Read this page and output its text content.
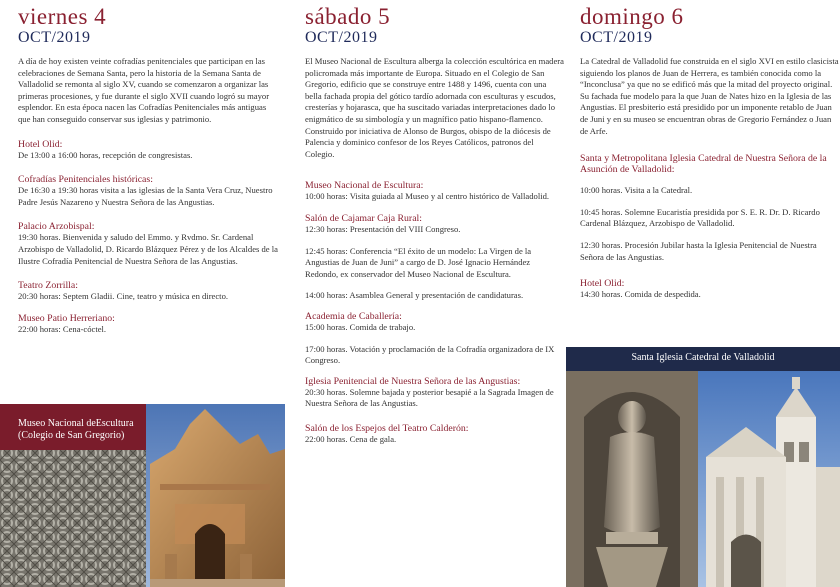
viernes 4
OCT/2019
A día de hoy existen veinte cofradías penitenciales que participan en las celebraciones de Semana Santa, pero la historia de la Semana Santa de Valladolid se remonta al siglo XV, cuando se comenzaron a organizar las primeras procesiones, y fue durante el siglo XVII cuando logró su mayor esplendor. En esta época nacen las Cofradías Penitenciales más antiguas que han conseguido conservar sus iglesias y patrimonio.
Hotel Olid:
De 13:00 a 16:00 horas, recepción de congresistas.
Cofradías Penitenciales históricas:
De 16:30 a 19:30 horas visita a las iglesias de la Santa Vera Cruz, Nuestro Padre Jesús Nazareno y Nuestra Señora de las Angustias.
Palacio Arzobispal:
19:30 horas. Bienvenida y saludo del Emmo. y Rvdmo. Sr. Cardenal Arzobispo de Valladolid, D. Ricardo Blázquez Pérez y de los Alcaldes de la Ilustre Cofradía Penitencial de Nuestra Señora de las Angustias.
Teatro Zorrilla:
20:30 horas: Septem Gladii. Cine, teatro y música en directo.
Museo Patio Herreriano:
22:00 horas: Cena-cóctel.
Museo Nacional deEscultura
(Colegio de San Gregorio)
sábado 5
OCT/2019
El Museo Nacional de Escultura alberga la colección escultórica en madera policromada más importante de Europa. Situado en el Colegio de San Gregorio, edificio que se construye entre 1488 y 1496, cuenta con una bella fachada propia del gótico tardío adornada con esculturas y escudos, cresterías y hojarasca, que ha suscitado variadas interpretaciones dado lo enigmático de su simbología y un magnífico patio hispano-flamenco. Construido por iniciativa de Alonso de Burgos, obispo de la diócesis de Palencia y dominico confesor de los Reyes Católicos, patronos del Colegio.
Museo Nacional de Escultura:
10:00 horas: Visita guiada al Museo y al centro histórico de Valladolid.
Salón de Cajamar Caja Rural:
12:30 horas: Presentación del VIII Congreso.
12:45 horas: Conferencia “El éxito de un modelo: La Virgen de la Angustias de Juan de Juni” a cargo de D. José Ignacio Hernández Redondo, ex conservador del Museo Nacional de Escultura.
14:00 horas: Asamblea General y presentación de candidaturas.
Academia de Caballería:
15:00 horas. Comida de trabajo.
17:00 horas. Votación y proclamación de la Cofradía organizadora de IX Congreso.
Iglesia Penitencial de Nuestra Señora de las Angustias:
20:30 horas. Solemne bajada y posterior besapié a la Sagrada Imagen de Nuestra Señora de las Angustias.
Salón de los Espejos del Teatro Calderón:
22:00 horas. Cena de gala.
domingo 6
OCT/2019
La Catedral de Valladolid fue construida en el siglo XVI en estilo clasicista siguiendo los planos de Juan de Herrera, es también conocida como la “Inconclusa” ya que no se edificó más que la mitad del proyecto original. Su fachada fue modelo para la que Juan de Nates hizo en la Iglesia de las Angustias. El presbiterio está presidido por un imponente retablo de Juan de Juni y en su museo se encuentran obras de Gregorio Fernández o Juan de Arfe.
Santa y Metropolitana Iglesia Catedral de Nuestra Señora de la Asunción de Valladolid:
10:00 horas. Visita a la Catedral.
10:45 horas. Solemne Eucaristía presidida por S. E. R. Dr. D. Ricardo Cardenal Blázquez, Arzobispo de Valladolid.
12:30 horas. Procesión Jubilar hasta la Iglesia Penitencial de Nuestra Señora de las Angustias.
Hotel Olid:
14:30 horas. Comida de despedida.
Santa Iglesia Catedral de Valladolid
